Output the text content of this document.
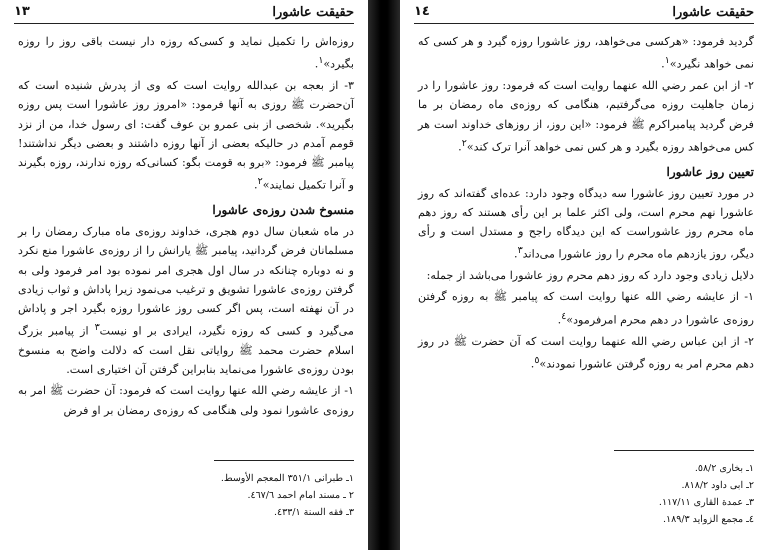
حقیقت عاشورا
١٣

روزه‌اش را تکمیل نماید و کسی‌که روزه دار نیست باقی روز را روزه بگیرد»$^١$.

٣- از بعجه بن عبدالله روایت است که وی از پدرش شنیده است که آن‌حضرت ﷺ روزی به آنها فرمود: «امروز روز عاشورا است پس روزه بگیرید». شخصی از بنی عمرو بن عوف گفت: ای رسول خدا، من از نزد قومم آمدم در حالیکه بعضی از آنها روزه داشتند و بعضی دیگر نداشتند! پیامبر ﷺ فرمود: «برو به قومت بگو: کسانی‌که روزه ندارند، روزه بگیرند و آنرا تکمیل نمایند»$^٢$.

منسوخ شدن روزه‌ی عاشورا

در ماه شعبان سال دوم هجری، خداوند روزه‌ی ماه مبارک رمضان را بر مسلمانان فرض گردانید، پیامبر ﷺ یارانش را از روزه‌ی عاشورا منع نکرد و نه دوباره چنانکه در سال اول هجری امر نموده بود امر فرمود ولی به گرفتن روزه‌ی عاشورا تشویق و ترغیب می‌نمود زیرا پاداش و ثواب زیادی در آن نهفته است، پس اگر کسی روز عاشورا روزه بگیرد اجر و پاداش می‌گیرد و کسی که روزه نگیرد، ایرادی بر او نیست$^٣$ از پیامبر بزرگ اسلام حضرت محمد ﷺ روایاتی نقل است که دلالت واضح به منسوخ بودن روزه‌ی عاشورا می‌نماید بنابراین گرفتن آن اختیاری است.

١- از عایشه رضي الله عنها روایت است که فرمود: آن حضرت ﷺ امر به روزه‌ی عاشورا نمود ولی هنگامی که روزه‌ی رمضان بر او فرض

١ـ طبرانی ٣٥١/١ المعجم الأوسط.
٢ ـ مسند امام احمد ٤٦٧/٦.
٣ـ فقه السنة ٤٣٣/١.
حقیقت عاشورا
١٤

گردید فرمود: «هرکسی می‌خواهد، روز عاشورا روزه گیرد و هر کسی که نمی خواهد نگیرد»$^١$.

٢- از ابن عمر رضي الله عنهما روایت است که فرمود: روز عاشورا را در زمان جاهلیت روزه می‌گرفتیم، هنگامی که روزه‌ی ماه رمضان بر ما فرض گردید پیامبراکرم ﷺ فرمود: «این روز، از روزهای خداوند است هر کس می‌خواهد روزه بگیرد و هر کس نمی خواهد آنرا ترک کند»$^٢$.

تعیین روز عاشورا

در مورد تعیین روز عاشورا سه دیدگاه وجود دارد: عده‌ای گفته‌اند که روز عاشورا نهم محرم است، ولی اکثر علما بر این رأی هستند که روز دهم ماه محرم روز عاشوراست که این دیدگاه راجح و مستدل است و رأی دیگر، روز یازدهم ماه محرم را روز عاشورا می‌داند$^٣$.

دلایل زیادی وجود دارد که روز دهم محرم روز عاشورا می‌باشد از جمله:

١- از عایشه رضي الله عنها روایت است که پیامبر ﷺ به روزه گرفتن روزه‌ی عاشورا در دهم محرم امرفرمود»$^٤$.

٢- از ابن عباس رضي الله عنهما روایت است که آن حضرت ﷺ در روز دهم محرم امر به روزه گرفتن عاشورا نمودند»$^٥$.

١ـ بخاری ٥٨/٢.
٢ـ ابی داود ٨١٨/٢.
٣ـ عمدة القاری ١١٧/١١.
٤ـ مجمع الزواید ١٨٩/٣.
